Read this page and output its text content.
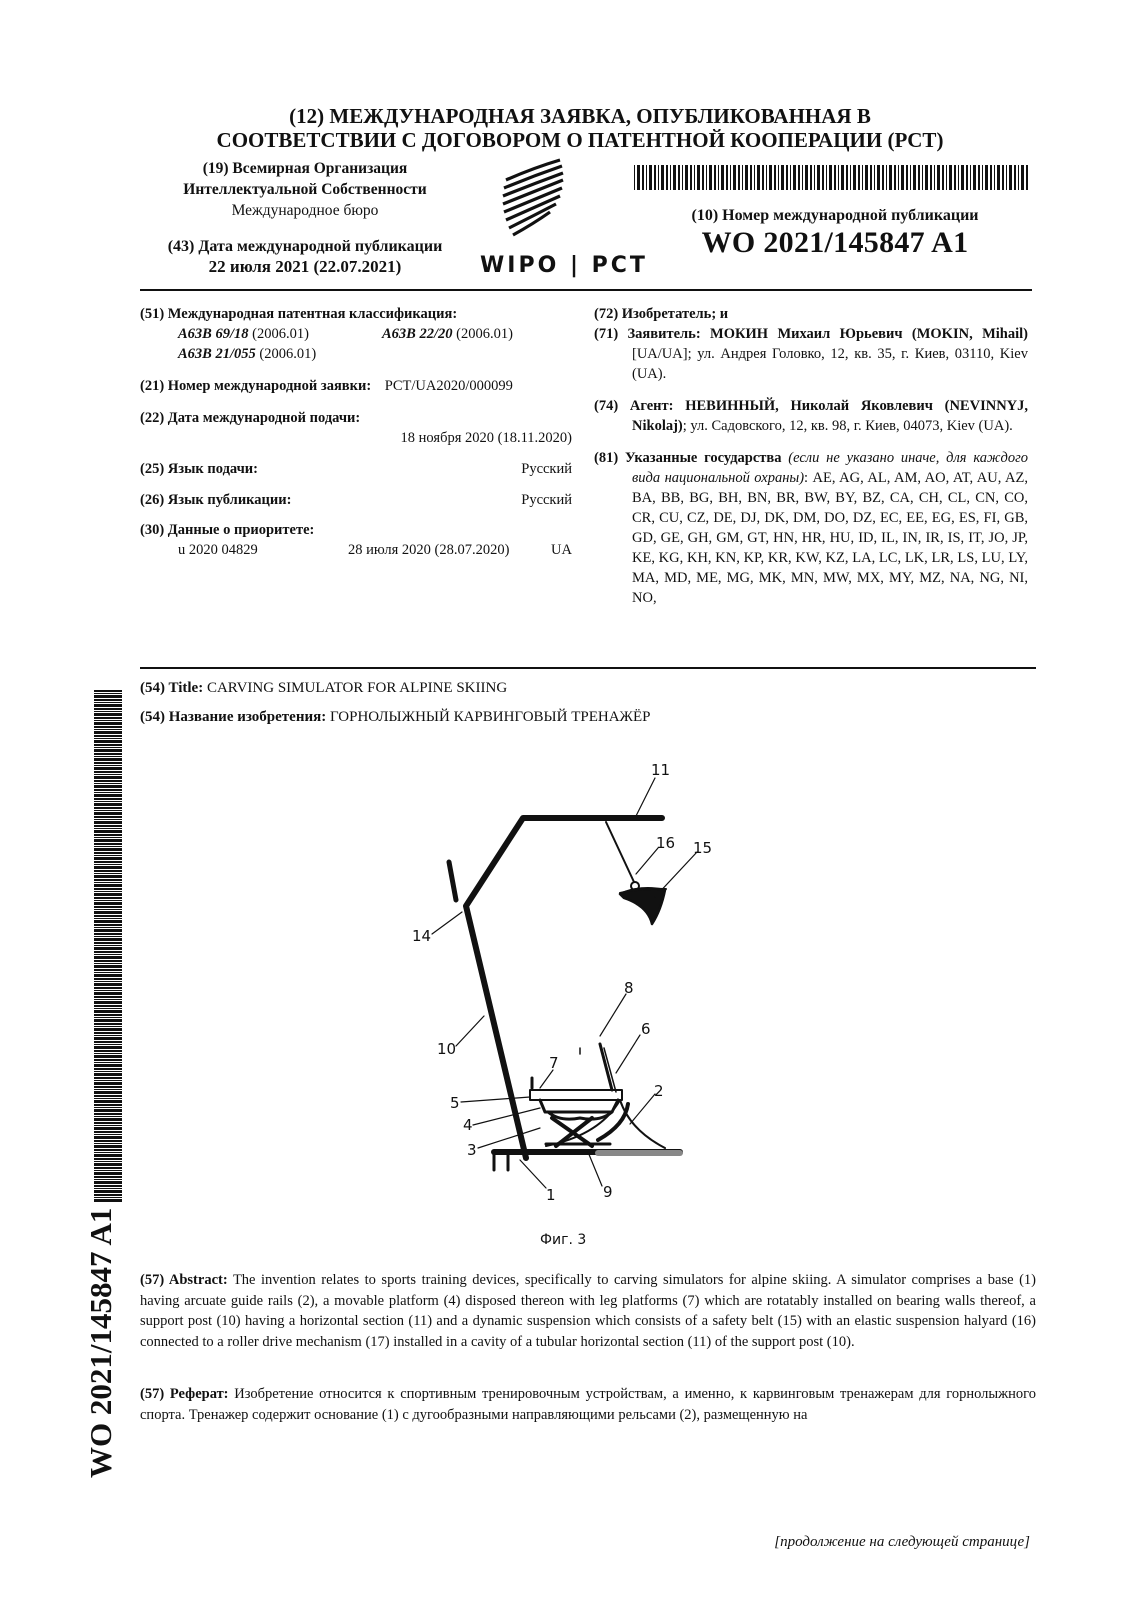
(12) МЕЖДУНАРОДНАЯ ЗАЯВКА, ОПУБЛИКОВАННАЯ В
СООТВЕТСТВИИ С ДОГОВОРОМ О ПАТЕНТНОЙ КООПЕРАЦИИ (PCT)
(19) Всемирная Организация
Интеллектуальной Собственности
Международное бюро
(43) Дата международной публикации
22 июля 2021 (22.07.2021)	WIPO | PCT
(10) Номер международной публикации
WO 2021/145847 A1
(51) Международная патентная классификация:
A63B 69/18 (2006.01)	A63B 22/20 (2006.01)
A63B 21/055 (2006.01)
(21) Номер международной заявки: PCT/UA2020/000099
(22) Дата международной подачи:
18 ноября 2020 (18.11.2020)
(25) Язык подачи:	Русский
(26) Язык публикации:	Русский
(30) Данные о приоритете:
u 2020 04829	28 июля 2020 (28.07.2020)	UA
(72) Изобретатель; и
(71) Заявитель: МОКИН Михаил Юрьевич (MOKIN, Mihail) [UA/UA]; ул. Андрея Головко, 12, кв. 35, г. Киев, 03110, Kiev (UA).
(74) Агент: НЕВИННЫЙ, Николай Яковлевич (NEVINNYJ, Nikolaj); ул. Садовского, 12, кв. 98, г. Киев, 04073, Kiev (UA).
(81) Указанные государства (если не указано иначе, для каждого вида национальной охраны): AE, AG, AL, AM, AO, AT, AU, AZ, BA, BB, BG, BH, BN, BR, BW, BY, BZ, CA, CH, CL, CN, CO, CR, CU, CZ, DE, DJ, DK, DM, DO, DZ, EC, EE, EG, ES, FI, GB, GD, GE, GH, GM, GT, HN, HR, HU, ID, IL, IN, IR, IS, IT, JO, JP, KE, KG, KH, KN, KP, KR, KW, KZ, LA, LC, LK, LR, LS, LU, LY, MA, MD, ME, MG, MK, MN, MW, MX, MY, MZ, NA, NG, NI, NO,
(54) Title: CARVING SIMULATOR FOR ALPINE SKIING
(54) Название изобретения: ГОРНОЛЫЖНЫЙ КАРВИНГОВЫЙ ТРЕНАЖЁР
11
16 15
14
8
6
10
7
5
2
4
3
1	9
Фиг. 3
(57) Abstract: The invention relates to sports training devices, specifically to carving simulators for alpine skiing. A simulator comprises a base (1) having arcuate guide rails (2), a movable platform (4) disposed thereon with leg platforms (7) which are rotatably installed on bearing walls thereof, a support post (10) having a horizontal section (11) and a dynamic suspension which consists of a safety belt (15) with an elastic suspension halyard (16) connected to a roller drive mechanism (17) installed in a cavity of a tubular horizontal section (11) of the support post (10).
(57) Реферат: Изобретение относится к спортивным тренировочным устройствам, а именно, к карвинговым тренажерам для горнолыжного спорта. Тренажер содержит основание (1) с дугообразными направляющими рельсами (2), размещенную на
WO 2021/145847 A1
[продолжение на следующей странице]
